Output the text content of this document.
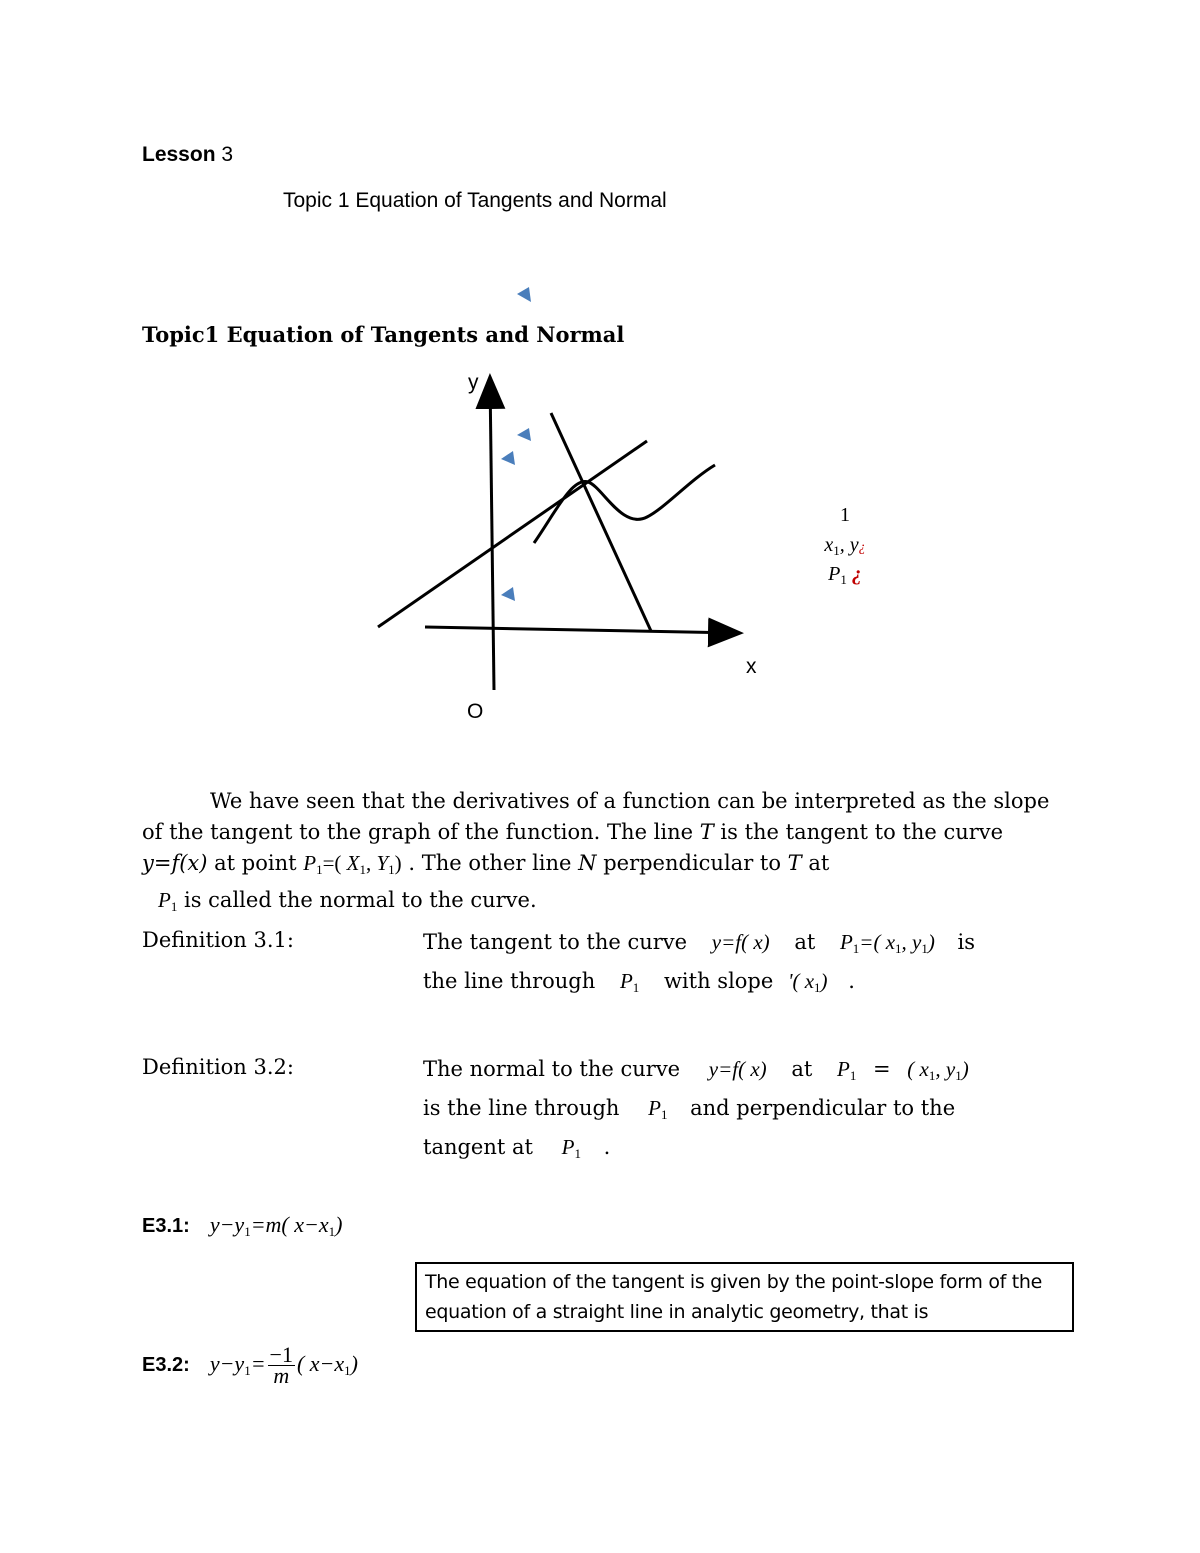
Lesson 3
Topic 1 Equation of Tangents and Normal
Topic1 Equation of Tangents and Normal
y
x
O
1
$x_1$, y¿
$P_1$ ¿
We have seen that the derivatives of a function can be interpreted as the slope of the tangent to the graph of the function. The line T is the tangent to the curve y=f(x) at point $P_1=$( $X_1$, $Y_1$) . The other line N perpendicular to T at
$P_1$ is called the normal to the curve.
Definition 3.1:	The tangent to the curve y=f( x) at $P_1=$( $x_1$, $y_1$) is
the line through $P_1$ with slope '( $x_1$) .
Definition 3.2:	The normal to the curve y=f( x) at $P_1$ = ( $x_1$, $y_1$)
is the line through $P_1$ and perpendicular to the
tangent at $P_1$ .
E3.1: $y-y_1=m$( $x-x_1$)
The equation of the tangent is given by the point-slope form of the equation of a straight line in analytic geometry, that is
E3.2: $y-y_1= \frac{-1}{m}$ ( $x-x_1$)
